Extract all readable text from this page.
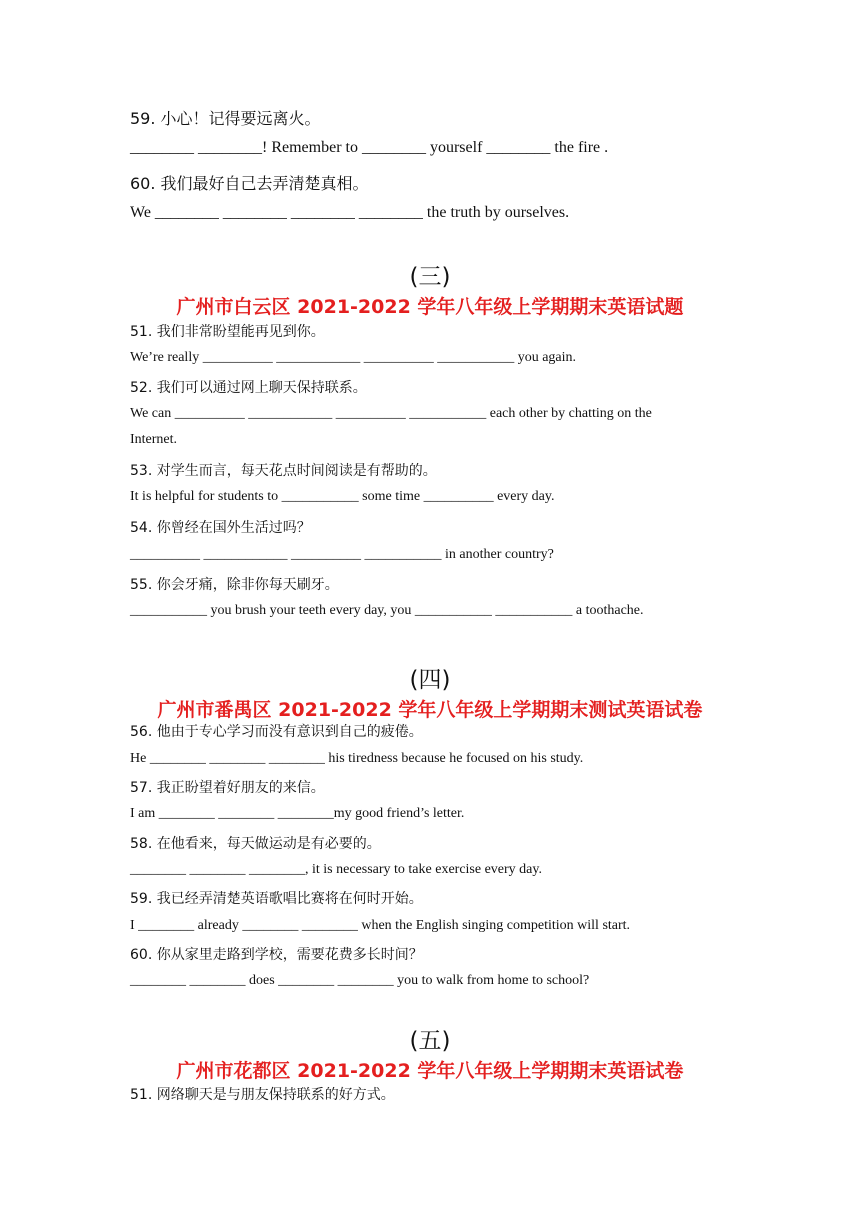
59. 小心！记得要远离火。
________ ________! Remember to ________ yourself ________ the fire .
60. 我们最好自己去弄清楚真相。
We ________ ________ ________ ________ the truth by ourselves.
(三)
广州市白云区 2021-2022 学年八年级上学期期末英语试题
51. 我们非常盼望能再见到你。
We’re really __________ ____________ __________ ___________ you again.
52. 我们可以通过网上聊天保持联系。
We can __________ ____________ __________ ___________ each other by chatting on the
Internet.
53. 对学生而言，每天花点时间阅读是有帮助的。
It is helpful for students to ___________ some time __________ every day.
54. 你曾经在国外生活过吗？
__________ ____________ __________ ___________ in another country?
55. 你会牙痛，除非你每天刷牙。
___________ you brush your teeth every day, you ___________ ___________ a toothache.
(四)
广州市番禺区 2021-2022 学年八年级上学期期末测试英语试卷
56. 他由于专心学习而没有意识到自己的疲倦。
He ________ ________ ________ his tiredness because he focused on his study.
57. 我正盼望着好朋友的来信。
I am ________ ________ ________my good friend’s letter.
58. 在他看来，每天做运动是有必要的。
________ ________ ________, it is necessary to take exercise every day.
59. 我已经弄清楚英语歌唱比赛将在何时开始。
I ________ already ________ ________ when the English singing competition will start.
60. 你从家里走路到学校，需要花费多长时间？
________ ________ does ________ ________ you to walk from home to school?
(五)
广州市花都区 2021-2022 学年八年级上学期期末英语试卷
51. 网络聊天是与朋友保持联系的好方式。
